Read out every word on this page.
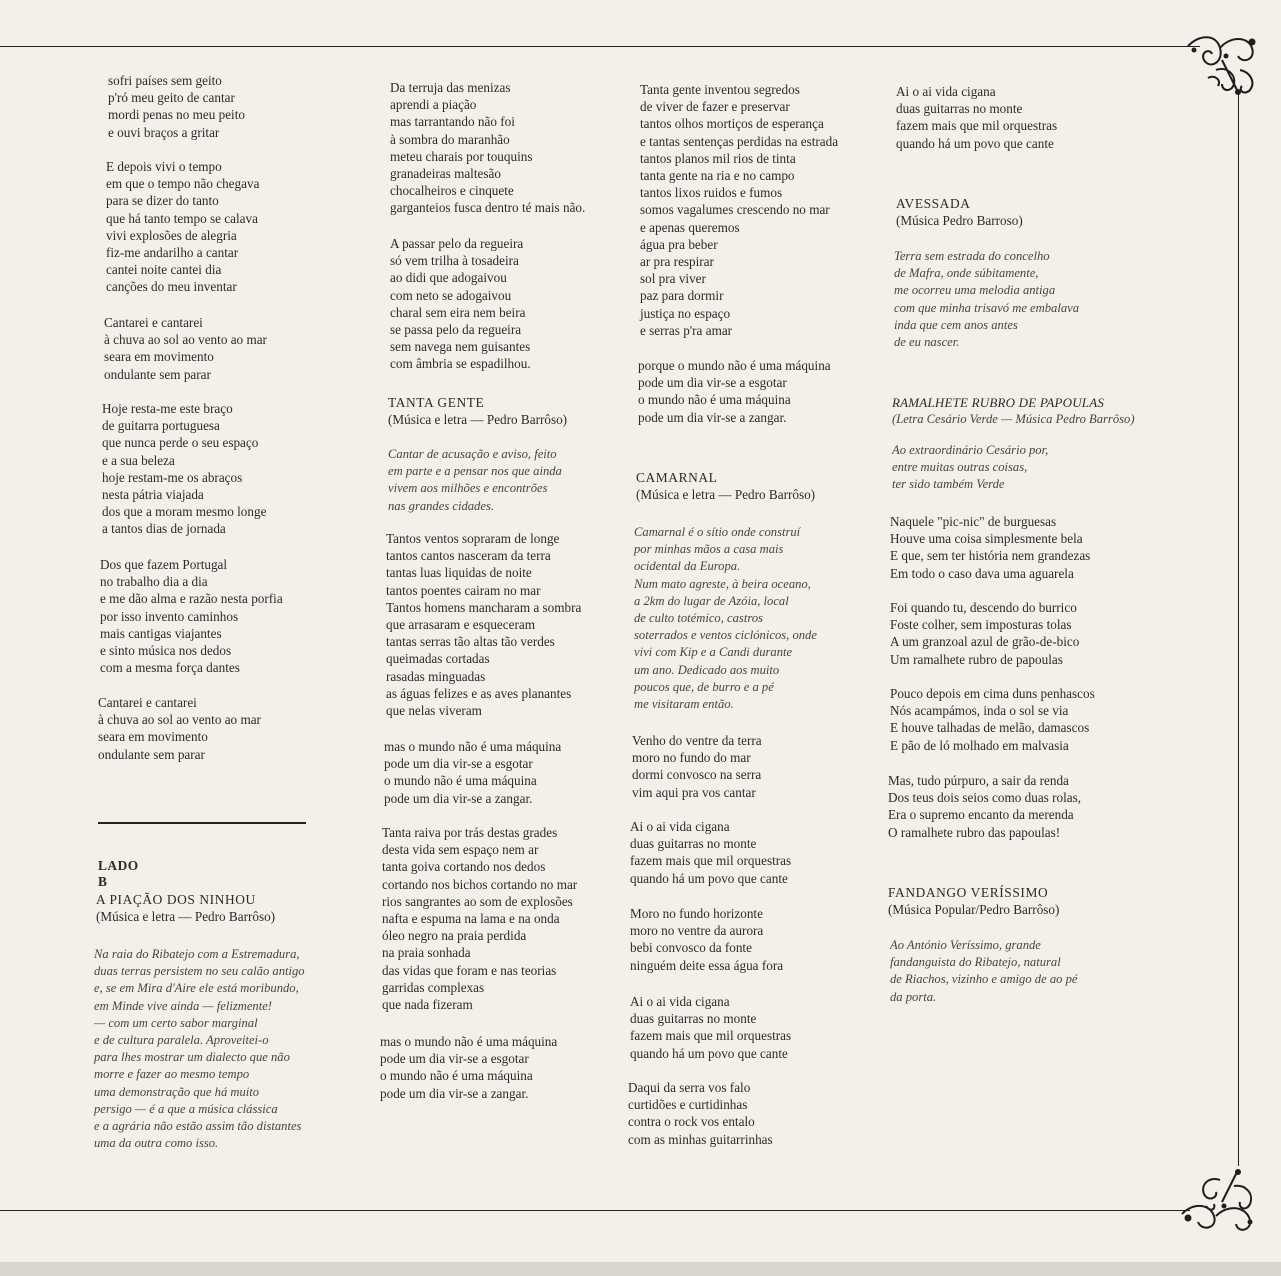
sofri países sem geito
p'ró meu geito de cantar
mordi penas no meu peito
e ouvi braços a gritar
E depois vivi o tempo
em que o tempo não chegava
para se dizer do tanto
que há tanto tempo se calava
vivi explosões de alegria
fiz-me andarilho a cantar
cantei noite cantei dia
canções do meu inventar
Cantarei e cantarei
à chuva ao sol ao vento ao mar
seara em movimento
ondulante sem parar
Hoje resta-me este braço
de guitarra portuguesa
que nunca perde o seu espaço
e a sua beleza
hoje restam-me os abraços
nesta pátria viajada
dos que a moram mesmo longe
a tantos dias de jornada
Dos que fazem Portugal
no trabalho dia a dia
e me dão alma e razão nesta porfia
por isso invento caminhos
mais cantigas viajantes
e sinto música nos dedos
com a mesma força dantes
Cantarei e cantarei
à chuva ao sol ao vento ao mar
seara em movimento
ondulante sem parar
LADO B
A PIAÇÃO DOS NINHOU
(Música e letra — Pedro Barrôso)
Na raia do Ribatejo com a Estremadura,
duas terras persistem no seu calão antigo
e, se em Mira d'Aire ele está moribundo,
em Minde vive ainda — felizmente!
— com um certo sabor marginal
e de cultura paralela. Aproveitei-o
para lhes mostrar um dialecto que não
morre e fazer ao mesmo tempo
uma demonstração que há muito
persigo — é a que a música clássica
e a agrária não estão assim tão distantes
uma da outra como isso.
Da terruja das menizas
aprendi a piação
mas tarrantando não foi
à sombra do maranhão
meteu charais por touquins
granadeiras maltesão
chocalheiros e cinquete
garganteios fusca dentro té mais não.
A passar pelo da regueira
só vem trilha à tosadeira
ao didi que adogaivou
com neto se adogaivou
charal sem eira nem beira
se passa pelo da regueira
sem navega nem guisantes
com âmbria se espadilhou.
TANTA GENTE
(Música e letra — Pedro Barrôso)
Cantar de acusação e aviso, feito
em parte e a pensar nos que ainda
vivem aos milhões e encontrões
nas grandes cidades.
Tantos ventos sopraram de longe
tantos cantos nasceram da terra
tantas luas liquidas de noite
tantos poentes cairam no mar
Tantos homens mancharam a sombra
que arrasaram e esqueceram
tantas serras tão altas tão verdes
queimadas cortadas
rasadas minguadas
as águas felizes e as aves planantes
que nelas viveram
mas o mundo não é uma máquina
pode um dia vir-se a esgotar
o mundo não é uma máquina
pode um dia vir-se a zangar.
Tanta raiva por trás destas grades
desta vida sem espaço nem ar
tanta goiva cortando nos dedos
cortando nos bichos cortando no mar
rios sangrantes ao som de explosões
nafta e espuma na lama e na onda
óleo negro na praia perdida
na praia sonhada
das vidas que foram e nas teorias
garridas complexas
que nada fizeram
mas o mundo não é uma máquina
pode um dia vir-se a esgotar
o mundo não é uma máquina
pode um dia vir-se a zangar.
Tanta gente inventou segredos
de viver de fazer e preservar
tantos olhos mortiços de esperança
e tantas sentenças perdidas na estrada
tantos planos mil rios de tinta
tanta gente na ria e no campo
tantos lixos ruidos e fumos
somos vagalumes crescendo no mar
e apenas queremos
água pra beber
ar pra respirar
sol pra viver
paz para dormir
justiça no espaço
e serras p'ra amar
porque o mundo não é uma máquina
pode um dia vir-se a esgotar
o mundo não é uma máquina
pode um dia vir-se a zangar.
CAMARNAL
(Música e letra — Pedro Barrôso)
Camarnal é o sítio onde construí
por minhas mãos a casa mais
ocidental da Europa.
Num mato agreste, à beira oceano,
a 2km do lugar de Azóia, local
de culto totémico, castros
soterrados e ventos ciclónicos, onde
vivi com Kip e a Candi durante
um ano. Dedicado aos muito
poucos que, de burro e a pé
me visitaram então.
Venho do ventre da terra
moro no fundo do mar
dormi convosco na serra
vim aqui pra vos cantar
Ai o ai vida cigana
duas guitarras no monte
fazem mais que mil orquestras
quando há um povo que cante
Moro no fundo horizonte
moro no ventre da aurora
bebi convosco da fonte
ninguém deite essa água fora
Ai o ai vida cigana
duas guitarras no monte
fazem mais que mil orquestras
quando há um povo que cante
Daqui da serra vos falo
curtidões e curtidinhas
contra o rock vos entalo
com as minhas guitarrinhas
Ai o ai vida cigana
duas guitarras no monte
fazem mais que mil orquestras
quando há um povo que cante
AVESSADA
(Música Pedro Barroso)
Terra sem estrada do concelho
de Mafra, onde súbitamente,
me ocorreu uma melodia antiga
com que minha trisavó me embalava
inda que cem anos antes
de eu nascer.
RAMALHETE RUBRO DE PAPOULAS
(Letra Cesário Verde — Música Pedro Barrôso)
Ao extraordinário Cesário por,
entre muitas outras coisas,
ter sido também Verde
Naquele "pic-nic" de burguesas
Houve uma coisa simplesmente bela
E que, sem ter história nem grandezas
Em todo o caso dava uma aguarela
Foi quando tu, descendo do burrico
Foste colher, sem imposturas tolas
A um granzoal azul de grão-de-bico
Um ramalhete rubro de papoulas
Pouco depois em cima duns penhascos
Nós acampámos, inda o sol se via
E houve talhadas de melão, damascos
E pão de ló molhado em malvasia
Mas, tudo púrpuro, a sair da renda
Dos teus dois seios como duas rolas,
Era o supremo encanto da merenda
O ramalhete rubro das papoulas!
FANDANGO VERÍSSIMO
(Música Popular/Pedro Barrôso)
Ao António Veríssimo, grande
fandanguista do Ribatejo, natural
de Riachos, vizinho e amigo de ao pé
da porta.
